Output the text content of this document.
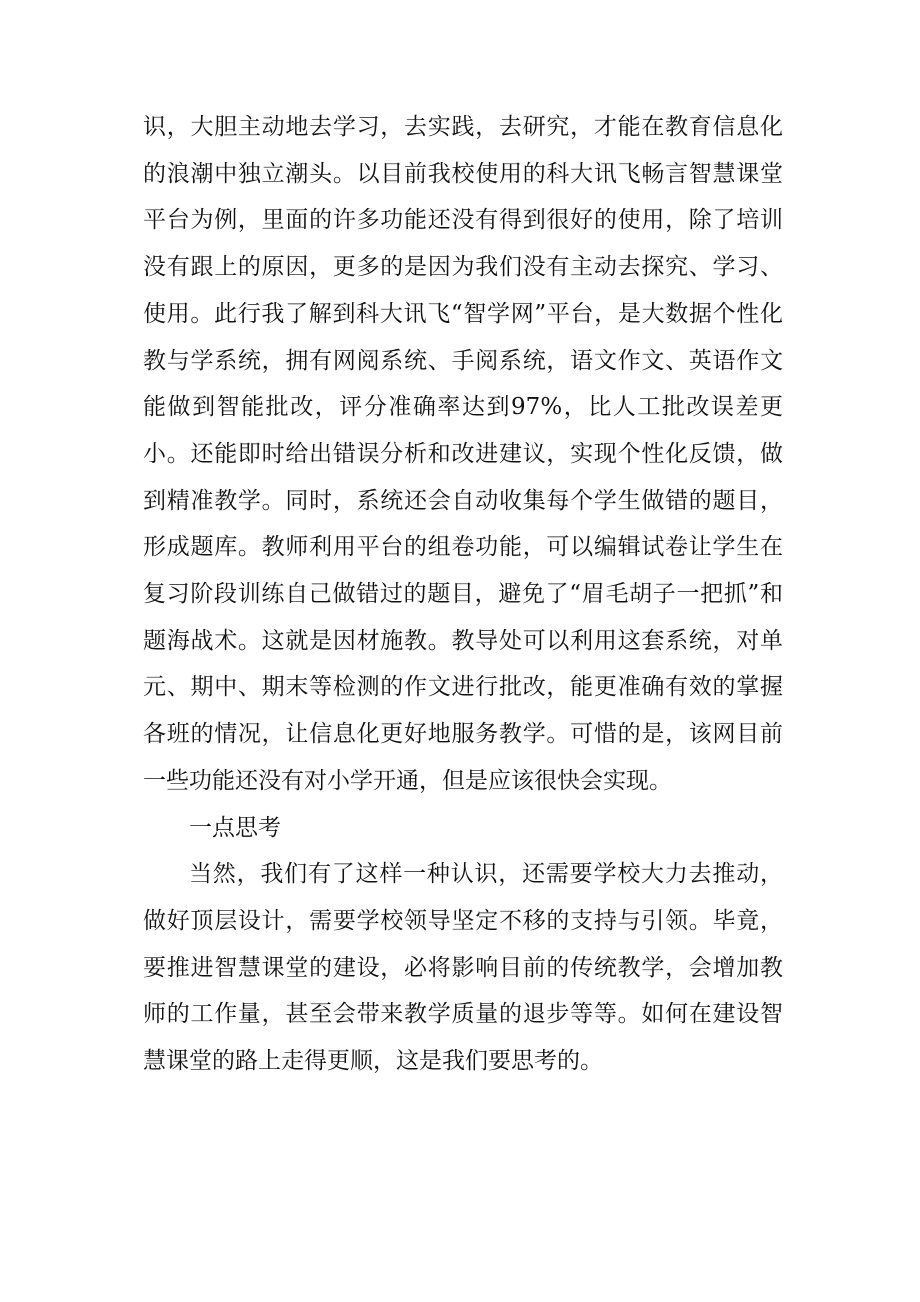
识，大胆主动地去学习，去实践，去研究，才能在教育信息化的浪潮中独立潮头。以目前我校使用的科大讯飞畅言智慧课堂平台为例，里面的许多功能还没有得到很好的使用，除了培训没有跟上的原因，更多的是因为我们没有主动去探究、学习、使用。此行我了解到科大讯飞“智学网”平台，是大数据个性化教与学系统，拥有网阅系统、手阅系统，语文作文、英语作文能做到智能批改，评分准确率达到97%，比人工批改误差更小。还能即时给出错误分析和改进建议，实现个性化反馈，做到精准教学。同时，系统还会自动收集每个学生做错的题目，形成题库。教师利用平台的组卷功能，可以编辑试卷让学生在复习阶段训练自己做错过的题目，避免了“眉毛胡子一把抓”和题海战术。这就是因材施教。教导处可以利用这套系统，对单元、期中、期末等检测的作文进行批改，能更准确有效的掌握各班的情况，让信息化更好地服务教学。可惜的是，该网目前一些功能还没有对小学开通，但是应该很快会实现。

一点思考

当然，我们有了这样一种认识，还需要学校大力去推动，做好顶层设计，需要学校领导坚定不移的支持与引领。毕竟，要推进智慧课堂的建设，必将影响目前的传统教学，会增加教师的工作量，甚至会带来教学质量的退步等等。如何在建设智慧课堂的路上走得更顺，这是我们要思考的。
